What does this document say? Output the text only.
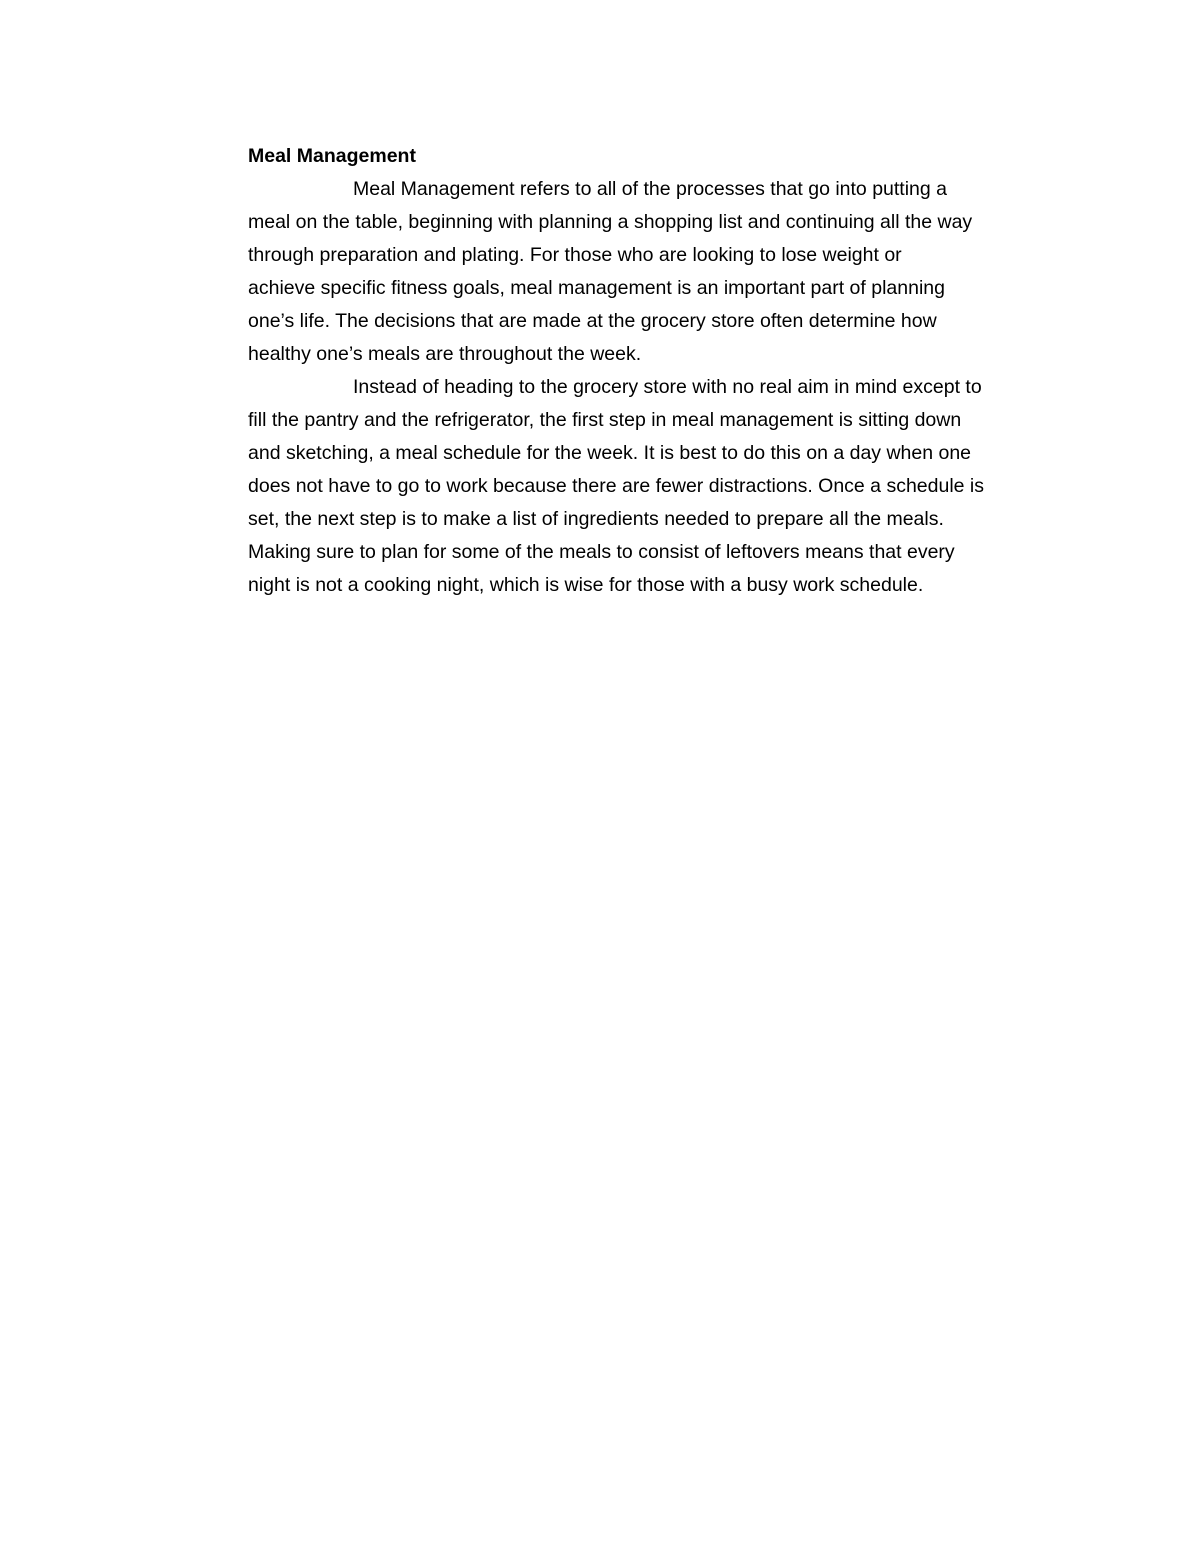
Meal Management

Meal Management refers to all of the processes that go into putting a
meal on the table, beginning with planning a shopping list and continuing all the way
through preparation and plating. For those who are looking to lose weight or
achieve specific fitness goals, meal management is an important part of planning
one’s life. The decisions that are made at the grocery store often determine how
healthy one’s meals are throughout the week.

Instead of heading to the grocery store with no real aim in mind except to
fill the pantry and the refrigerator, the first step in meal management is sitting down
and sketching, a meal schedule for the week. It is best to do this on a day when one
does not have to go to work because there are fewer distractions. Once a schedule is
set, the next step is to make a list of ingredients needed to prepare all the meals.
Making sure to plan for some of the meals to consist of leftovers means that every
night is not a cooking night, which is wise for those with a busy work schedule.
